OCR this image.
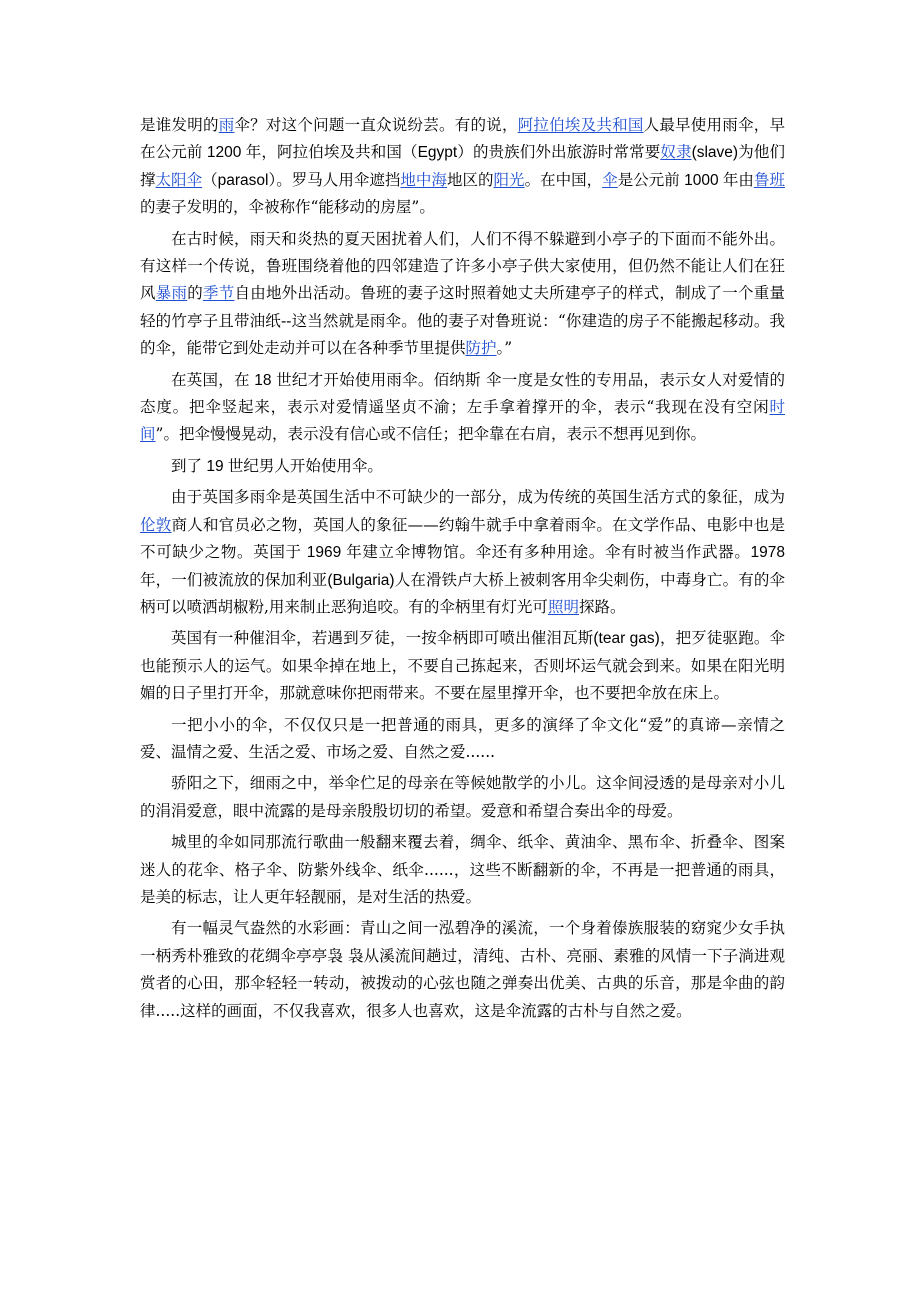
是谁发明的雨伞？对这个问题一直众说纷芸。有的说，阿拉伯埃及共和国人最早使用雨伞，早在公元前 1200 年，阿拉伯埃及共和国（Egypt）的贵族们外出旅游时常常要奴隶(slave)为他们撑太阳伞（parasol）。罗马人用伞遮挡地中海地区的阳光。在中国，伞是公元前 1000 年由鲁班的妻子发明的，伞被称作“能移动的房屋”。

在古时候，雨天和炎热的夏天困扰着人们，人们不得不躲避到小亭子的下面而不能外出。有这样一个传说，鲁班围绕着他的四邻建造了许多小亭子供大家使用，但仍然不能让人们在狂风暴雨的季节自由地外出活动。鲁班的妻子这时照着她丈夫所建亭子的样式，制成了一个重量轻的竹亭子且带油纸--这当然就是雨伞。他的妻子对鲁班说：“你建造的房子不能搬起移动。我的伞，能带它到处走动并可以在各种季节里提供防护。”

在英国，在 18 世纪才开始使用雨伞。佰纳斯 伞一度是女性的专用品，表示女人对爱情的态度。把伞竖起来，表示对爱情遥坚贞不渝；左手拿着撑开的伞，表示“我现在没有空闲时间”。把伞慢慢晃动，表示没有信心或不信任；把伞靠在右肩，表示不想再见到你。

到了 19 世纪男人开始使用伞。

由于英国多雨伞是英国生活中不可缺少的一部分，成为传统的英国生活方式的象征，成为伦敦商人和官员必之物，英国人的象征——约翰牛就手中拿着雨伞。在文学作品、电影中也是不可缺少之物。英国于 1969 年建立伞博物馆。伞还有多种用途。伞有时被当作武器。1978 年，一们被流放的保加利亚(Bulgaria)人在滑铁卢大桥上被刺客用伞尖刺伤，中毒身亡。有的伞柄可以喷洒胡椒粉,用来制止恶狗追咬。有的伞柄里有灯光可照明探路。

英国有一种催泪伞，若遇到歹徒，一按伞柄即可喷出催泪瓦斯(tear gas)，把歹徒驱跑。伞也能预示人的运气。如果伞掉在地上，不要自己拣起来，否则坏运气就会到来。如果在阳光明媚的日子里打开伞，那就意味你把雨带来。不要在屋里撑开伞，也不要把伞放在床上。

一把小小的伞，不仅仅只是一把普通的雨具，更多的演绎了伞文化“爱”的真谛—亲情之爱、温情之爱、生活之爱、市场之爱、自然之爱......

骄阳之下，细雨之中，举伞伫足的母亲在等候她散学的小儿。这伞间浸透的是母亲对小儿的涓涓爱意，眼中流露的是母亲殷殷切切的希望。爱意和希望合奏出伞的母爱。

城里的伞如同那流行歌曲一般翻来覆去着，绸伞、纸伞、黄油伞、黑布伞、折叠伞、图案迷人的花伞、格子伞、防紫外线伞、纸伞......，这些不断翻新的伞，不再是一把普通的雨具，是美的标志，让人更年轻靓丽，是对生活的热爱。

有一幅灵气盎然的水彩画：青山之间一泓碧净的溪流，一个身着傣族服装的窈窕少女手执一柄秀朴雅致的花绸伞亭亭袅 袅从溪流间趟过，清纯、古朴、亮丽、素雅的风情一下子淌进观赏者的心田，那伞轻轻一转动，被拨动的心弦也随之弹奏出优美、古典的乐音，那是伞曲的韵律.....这样的画面，不仅我喜欢，很多人也喜欢，这是伞流露的古朴与自然之爱。
